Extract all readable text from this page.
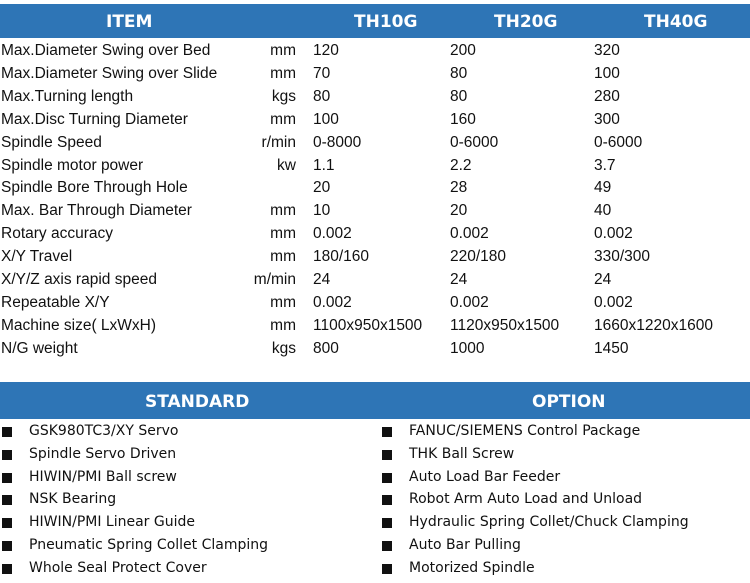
ITEM	TH10G	TH20G	TH40G
Max.Diameter Swing over Bed	mm 120	200	320
Max.Diameter Swing over Slide	mm 70	80	100
Max.Turning length	kgs 80	80	280
Max.Disc Turning Diameter	mm 100	160	300
Spindle Speed	r/min 0-8000	0-6000	0-6000
Spindle motor power	kw 1.1	2.2	3.7
Spindle Bore Through Hole	20	28	49
Max. Bar Through Diameter	mm 10	20	40
Rotary accuracy	mm 0.002	0.002	0.002
X/Y Travel	mm 180/160	220/180	330/300
X/Y/Z axis rapid speed	m/min 24	24	24
Repeatable X/Y	mm 0.002	0.002	0.002
Machine size( LxWxH)	mm 1100x950x1500 1120x950x1500 1660x1220x1600
N/G weight	kgs 800	1000	1450
STANDARD	OPTION
GSK980TC3/XY Servo
Spindle Servo Driven
HIWIN/PMI Ball screw
NSK Bearing
HIWIN/PMI Linear Guide
Pneumatic Spring Collet Clamping
Whole Seal Protect Cover
FANUC/SIEMENS Control Package
THK Ball Screw
Auto Load Bar Feeder
Robot Arm Auto Load and Unload
Hydraulic Spring Collet/Chuck Clamping
Auto Bar Pulling
Motorized Spindle
